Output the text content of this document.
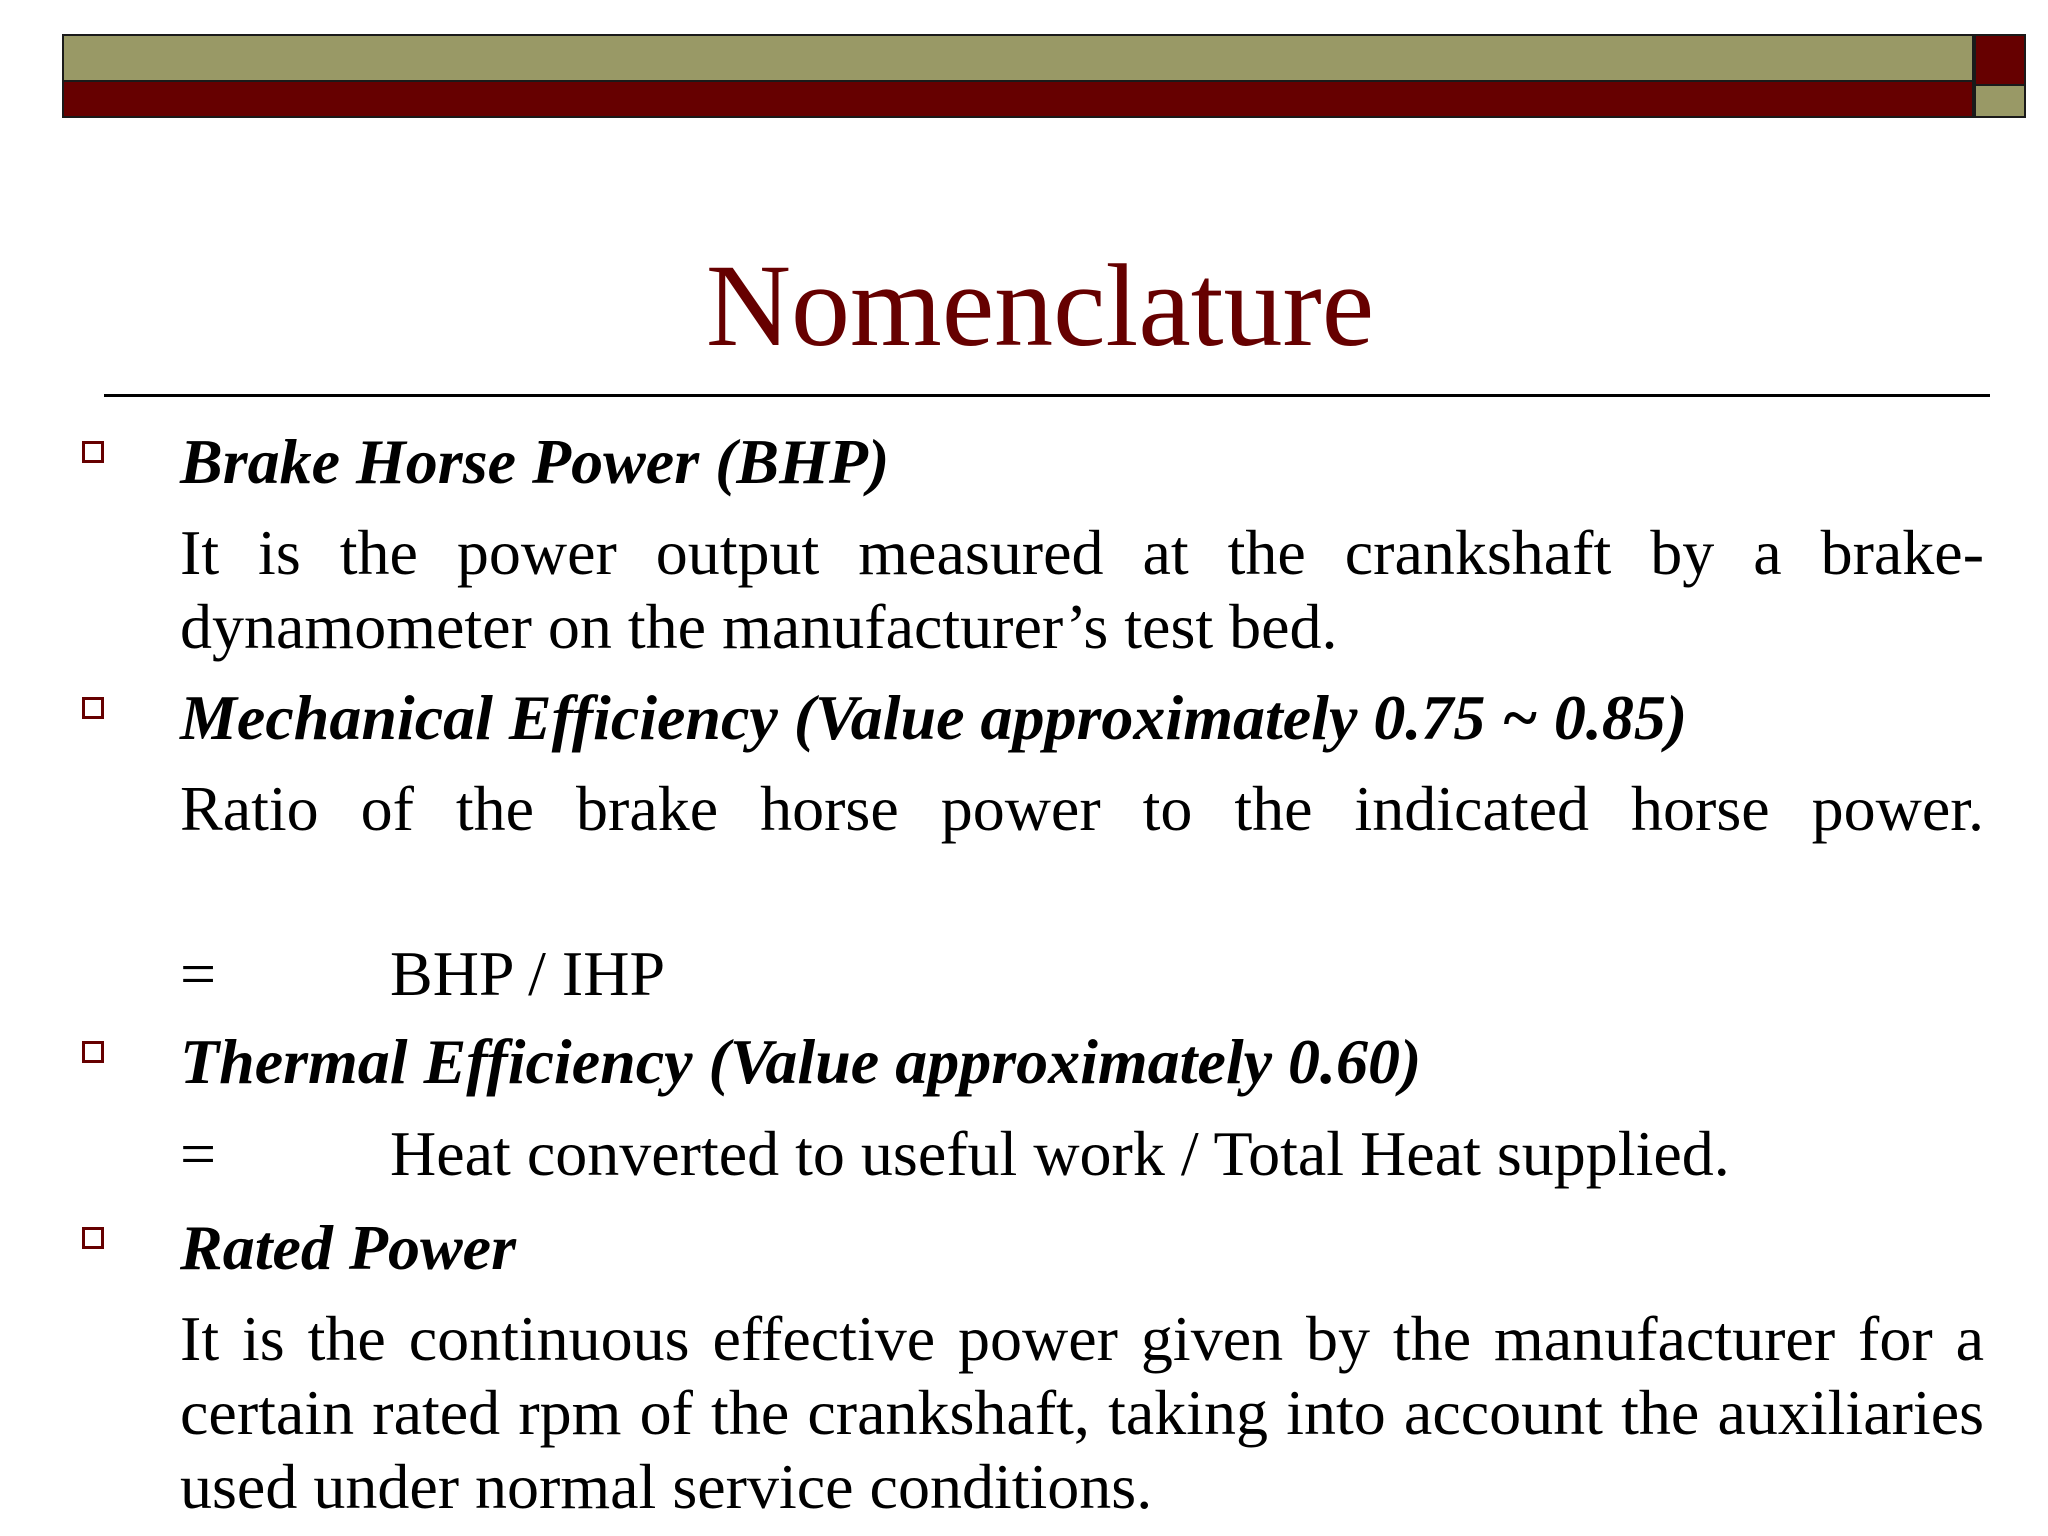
Nomenclature
Brake Horse Power (BHP)
It is the power output measured at the crankshaft by a brake-dynamometer on the manufacturer’s test bed.
Mechanical Efficiency (Value approximately 0.75 ~ 0.85)
Ratio of the brake horse power to the indicated horse power.
=	BHP / IHP
Thermal Efficiency (Value approximately 0.60)
=	Heat converted to useful work / Total Heat supplied.
Rated Power
It is the continuous effective power given by the manufacturer for a certain rated rpm of the crankshaft, taking into account the auxiliaries used under normal service conditions.
